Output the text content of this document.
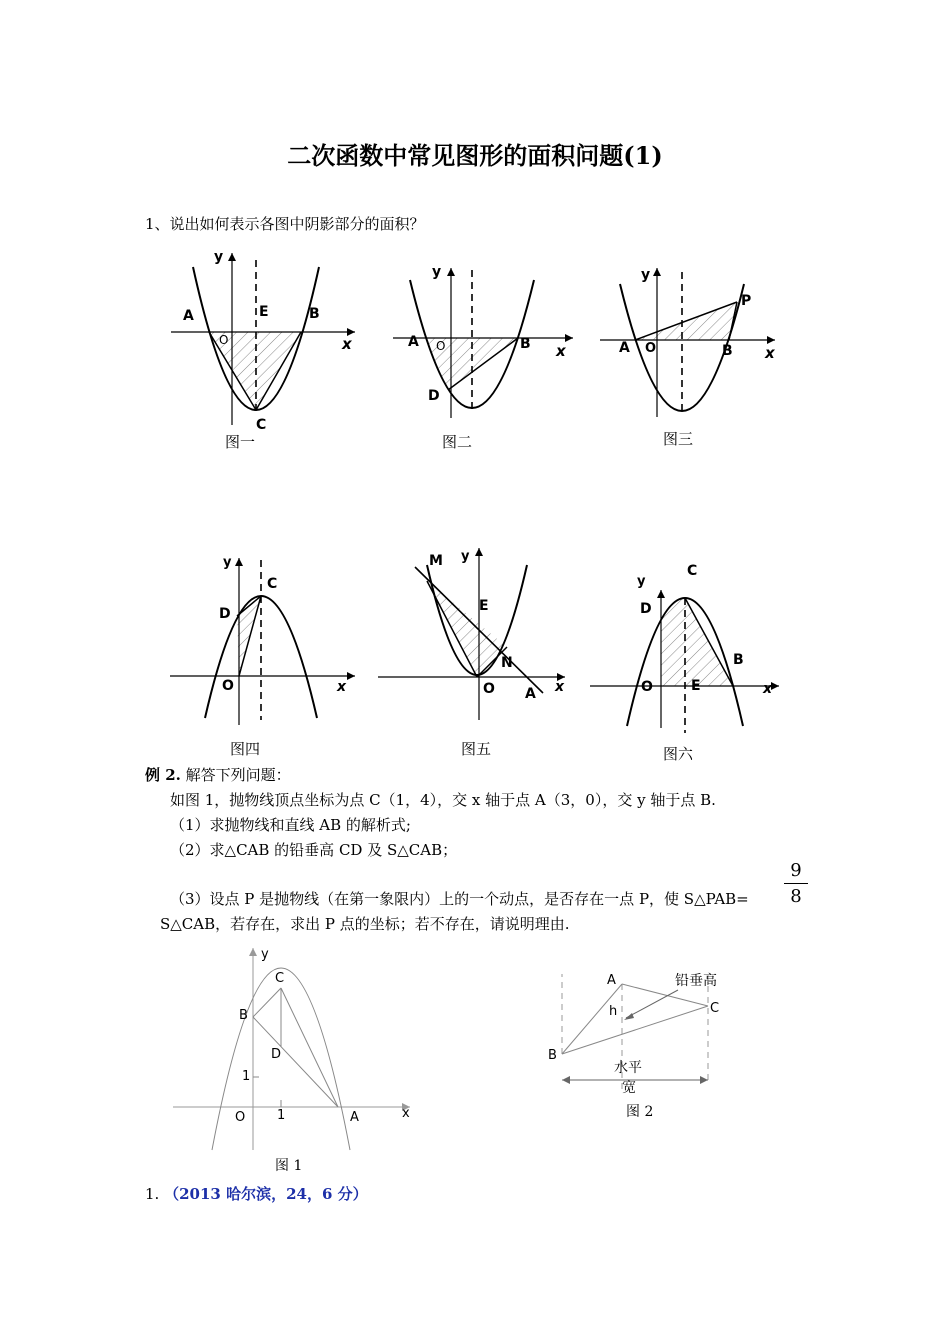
二次函数中常见图形的面积问题(1)
1、说出如何表示各图中阴影部分的面积？
y
A	E	B
O	x
C
图一
y
A O	B x
D
图二
y
P
A O	B x
图三
y
C
D
O	x
图四
M y
E
N
O A x
图五
y
C
D
B
O	E	x
图六
例 2. 解答下列问题：
如图 1，抛物线顶点坐标为点 C（1，4），交 x 轴于点 A（3，0），交 y 轴于点 B.
（1）求抛物线和直线 AB 的解析式;
（2）求△CAB 的铅垂高 CD 及 S△CAB；
（3）设点 P 是抛物线（在第一象限内）上的一个动点，是否存在一点 P，使 S△PAB=
9
8
S△CAB，若存在，求出 P 点的坐标；若不存在，请说明理由.
y
C
B
D
1
O 1	A	x
图 1
A	铅垂高
C
h
B
水平
宽
图 2
1. （2013 哈尔滨，24，6 分）
